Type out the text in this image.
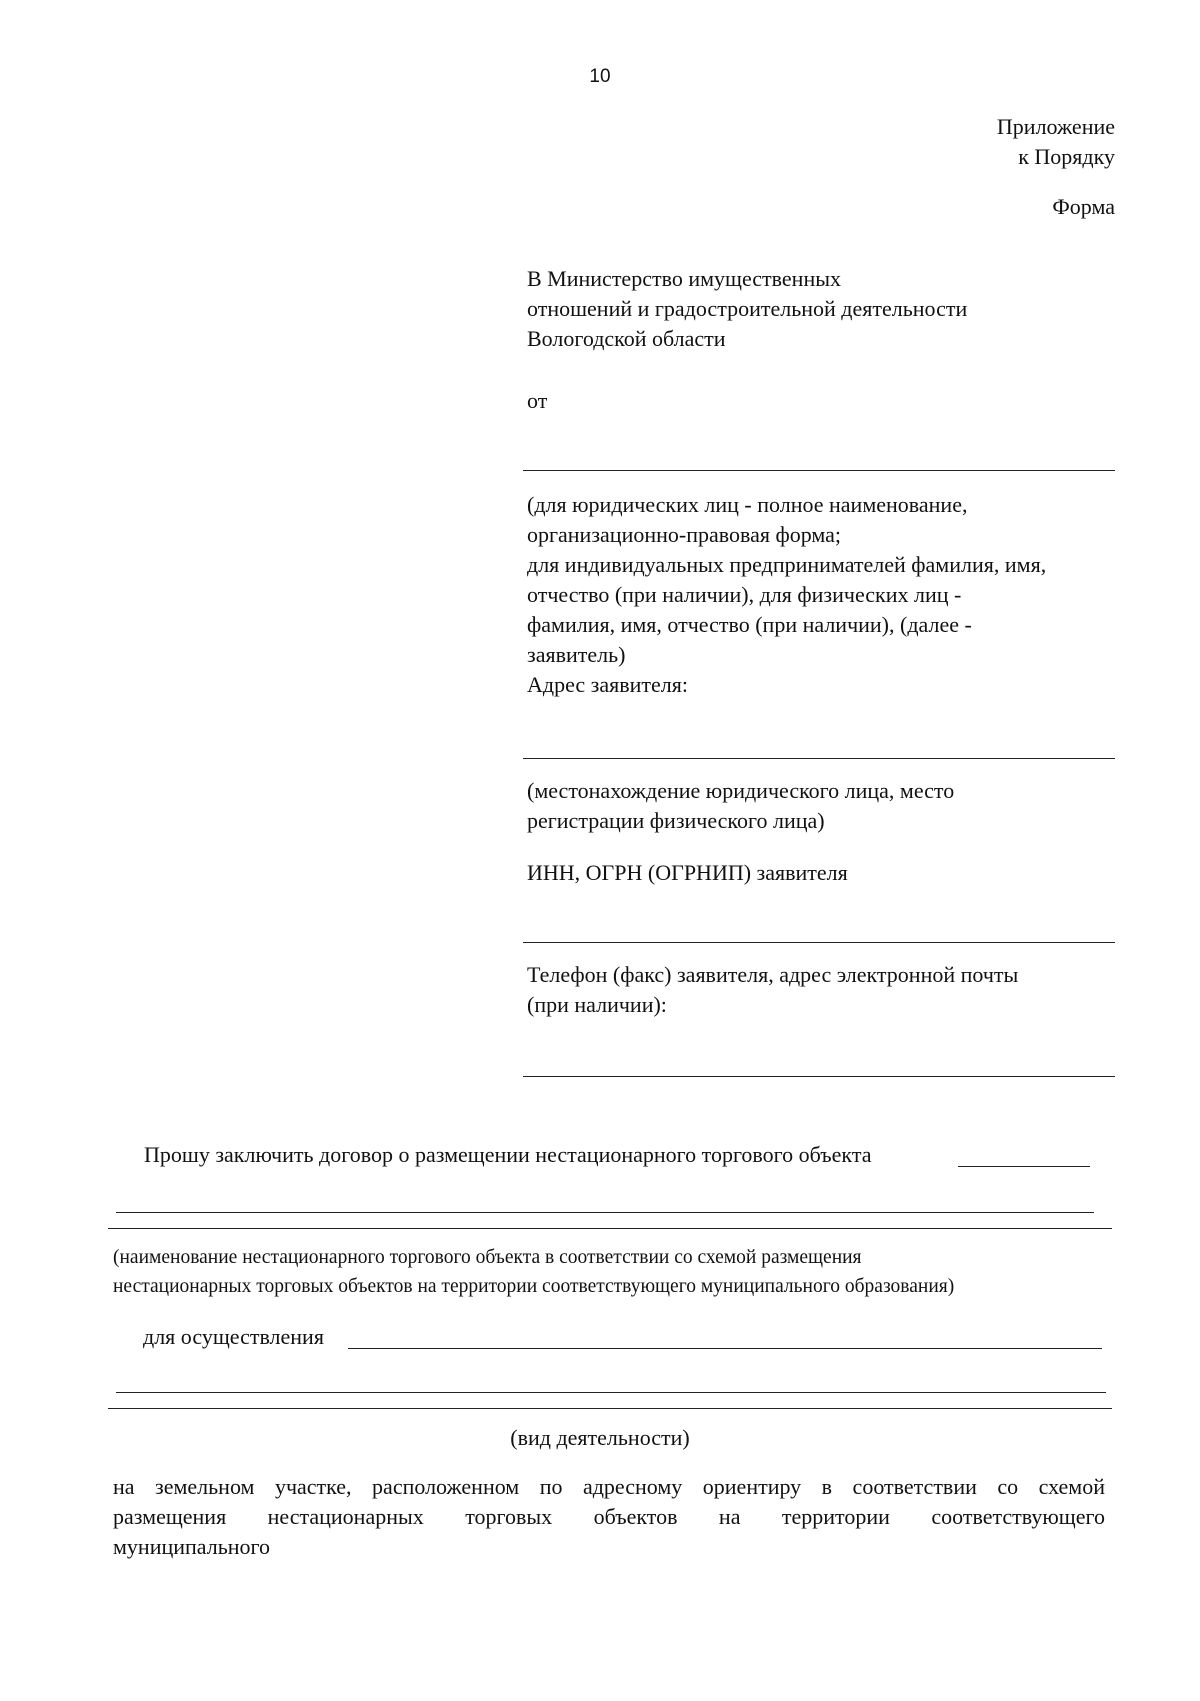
10
Приложение
к Порядку
Форма
В Министерство имущественных
отношений и градостроительной деятельности
Вологодской области
от
(для юридических лиц - полное наименование,
организационно-правовая форма;
для индивидуальных предпринимателей фамилия, имя,
отчество (при наличии), для физических лиц -
фамилия, имя, отчество (при наличии), (далее -
заявитель)
Адрес заявителя:
(местонахождение юридического лица, место
регистрации физического лица)
ИНН, ОГРН (ОГРНИП) заявителя
Телефон (факс) заявителя, адрес электронной почты
(при наличии):
Прошу заключить договор о размещении нестационарного торгового объекта
(наименование нестационарного торгового объекта в соответствии со схемой размещения
нестационарных торговых объектов на территории соответствующего муниципального образования)
для осуществления
(вид деятельности)
на земельном участке, расположенном по адресному ориентиру в соответствии со схемой
размещения нестационарных торговых объектов на территории соответствующего
муниципального
